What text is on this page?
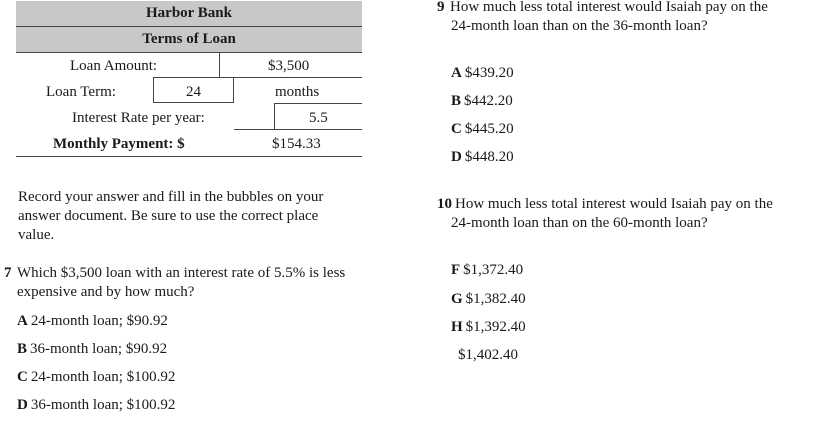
Harbor Bank
Terms of Loan
Loan Amount:	$3,500
Loan Term:	24	months
Interest Rate per year:	5.5
Monthly Payment: $	$154.33
Record your answer and fill in the bubbles on your
answer document. Be sure to use the correct place
value.
7 Which $3,500 loan with an interest rate of 5.5% is less
expensive and by how much?
A 24-month loan; $90.92
B 36-month loan; $90.92
C 24-month loan; $100.92
D 36-month loan; $100.92
9 How much less total interest would Isaiah pay on the
24-month loan than on the 36-month loan?
A $439.20
B $442.20
C $445.20
D $448.20
10 How much less total interest would Isaiah pay on the
24-month loan than on the 60-month loan?
F $1,372.40
G $1,382.40
H $1,392.40
$1,402.40
